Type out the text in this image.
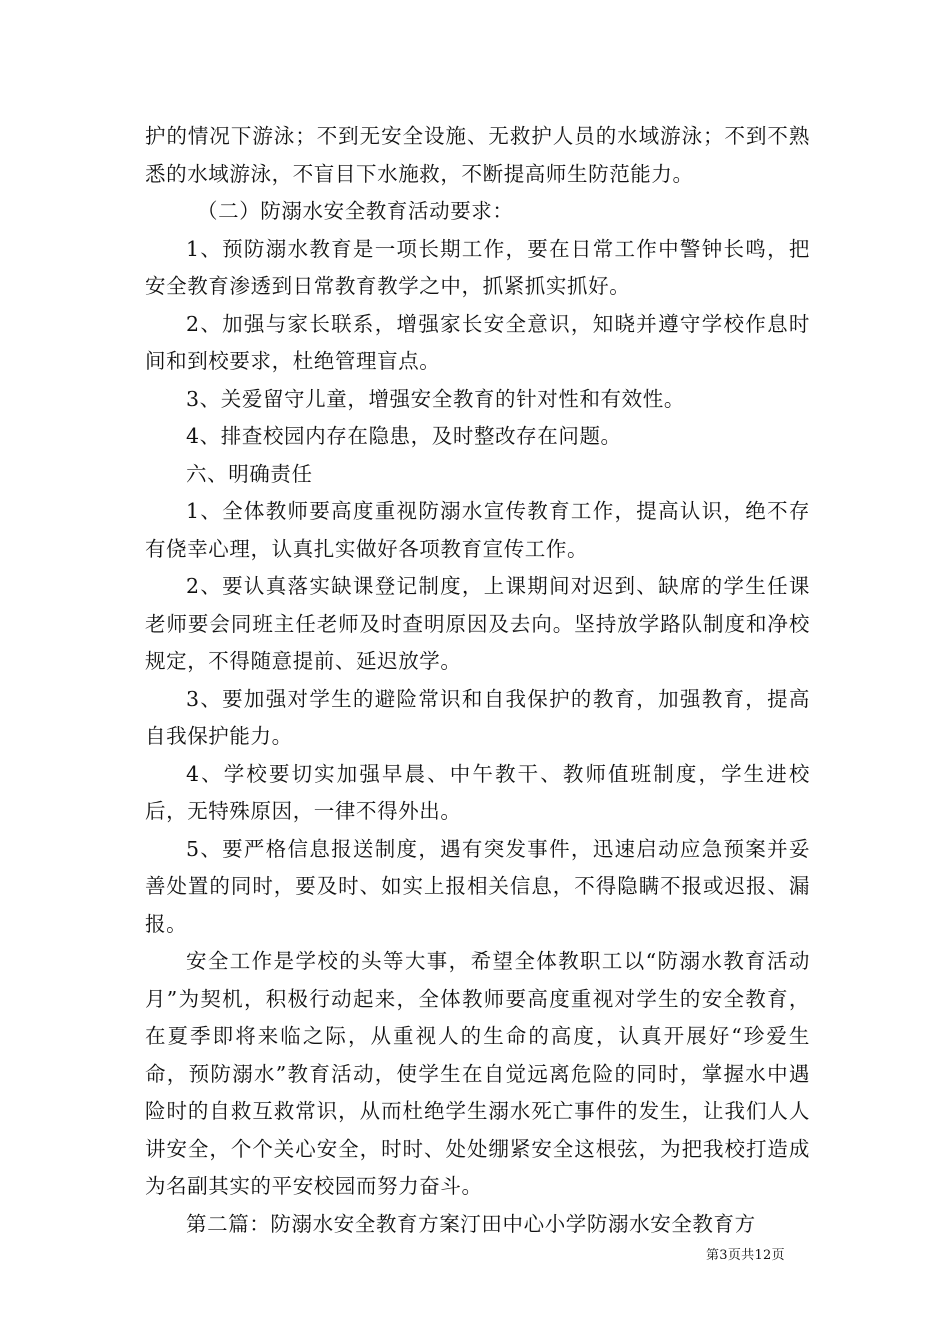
护的情况下游泳；不到无安全设施、无救护人员的水域游泳；不到不熟悉的水域游泳，不盲目下水施救，不断提高师生防范能力。

（二）防溺水安全教育活动要求：

1、预防溺水教育是一项长期工作，要在日常工作中警钟长鸣，把安全教育渗透到日常教育教学之中，抓紧抓实抓好。

2、加强与家长联系，增强家长安全意识，知晓并遵守学校作息时间和到校要求，杜绝管理盲点。

3、关爱留守儿童，增强安全教育的针对性和有效性。

4、排查校园内存在隐患，及时整改存在问题。

六、明确责任

1、全体教师要高度重视防溺水宣传教育工作，提高认识，绝不存有侥幸心理，认真扎实做好各项教育宣传工作。

2、要认真落实缺课登记制度，上课期间对迟到、缺席的学生任课老师要会同班主任老师及时查明原因及去向。坚持放学路队制度和净校规定，不得随意提前、延迟放学。

3、要加强对学生的避险常识和自我保护的教育，加强教育，提高自我保护能力。

4、学校要切实加强早晨、中午教干、教师值班制度，学生进校后，无特殊原因，一律不得外出。

5、要严格信息报送制度，遇有突发事件，迅速启动应急预案并妥善处置的同时，要及时、如实上报相关信息，不得隐瞒不报或迟报、漏报。

安全工作是学校的头等大事，希望全体教职工以“防溺水教育活动月”为契机，积极行动起来，全体教师要高度重视对学生的安全教育，在夏季即将来临之际，从重视人的生命的高度，认真开展好“珍爱生命，预防溺水”教育活动，使学生在自觉远离危险的同时，掌握水中遇险时的自救互救常识，从而杜绝学生溺水死亡事件的发生，让我们人人讲安全，个个关心安全，时时、处处绷紧安全这根弦，为把我校打造成为名副其实的平安校园而努力奋斗。

第二篇：防溺水安全教育方案汀田中心小学防溺水安全教育方

第3页共12页
